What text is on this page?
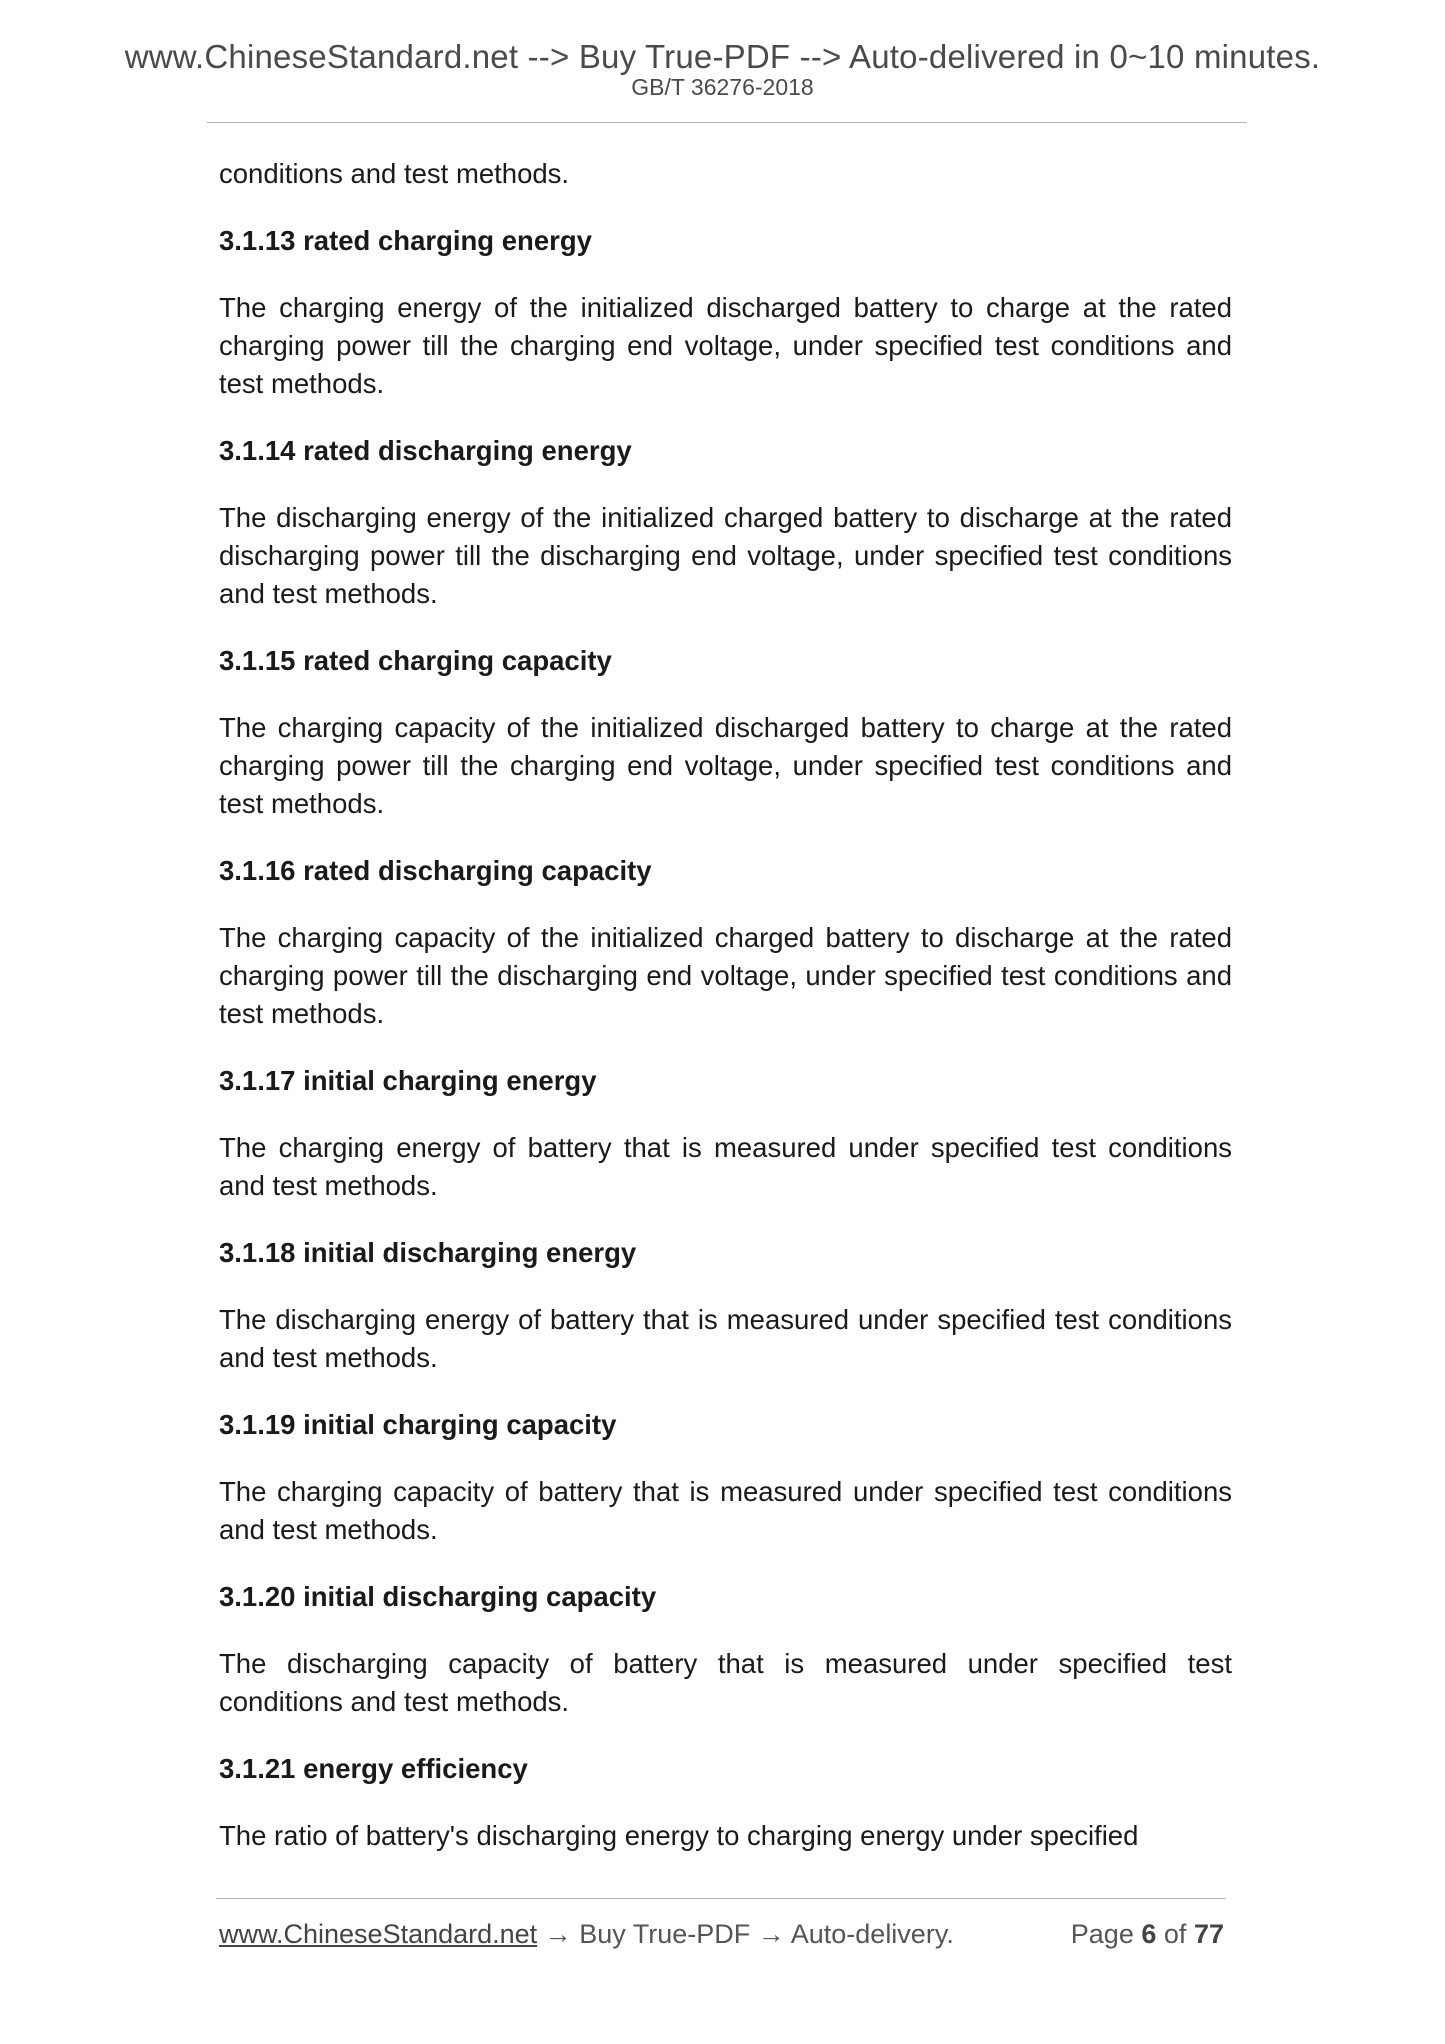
www.ChineseStandard.net --> Buy True-PDF --> Auto-delivered in 0~10 minutes.
GB/T 36276-2018

conditions and test methods.

3.1.13 rated charging energy

The charging energy of the initialized discharged battery to charge at the rated charging power till the charging end voltage, under specified test conditions and test methods.

3.1.14 rated discharging energy

The discharging energy of the initialized charged battery to discharge at the rated discharging power till the discharging end voltage, under specified test conditions and test methods.

3.1.15 rated charging capacity

The charging capacity of the initialized discharged battery to charge at the rated charging power till the charging end voltage, under specified test conditions and test methods.

3.1.16 rated discharging capacity

The charging capacity of the initialized charged battery to discharge at the rated charging power till the discharging end voltage, under specified test conditions and test methods.

3.1.17 initial charging energy

The charging energy of battery that is measured under specified test conditions and test methods.

3.1.18 initial discharging energy

The discharging energy of battery that is measured under specified test conditions and test methods.

3.1.19 initial charging capacity

The charging capacity of battery that is measured under specified test conditions and test methods.

3.1.20 initial discharging capacity

The discharging capacity of battery that is measured under specified test conditions and test methods.

3.1.21 energy efficiency

The ratio of battery's discharging energy to charging energy under specified

www.ChineseStandard.net → Buy True-PDF → Auto-delivery.	Page 6 of 77
